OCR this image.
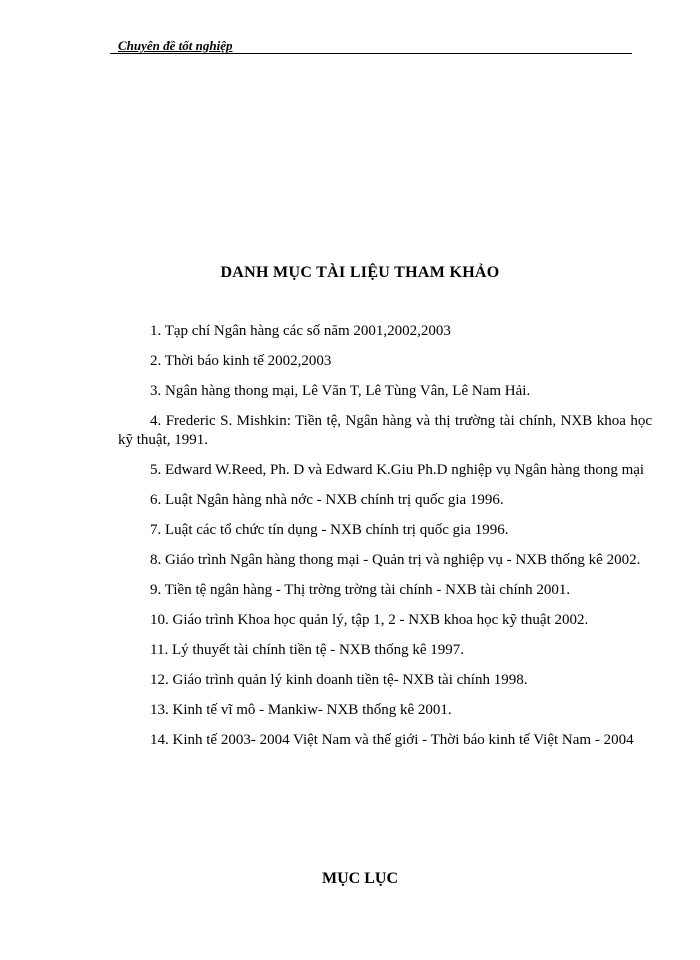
Chuyên đề tốt nghiệp
DANH MỤC TÀI LIỆU THAM KHẢO
1. Tạp chí Ngân hàng các số năm 2001,2002,2003
2. Thời báo kinh tế 2002,2003
3. Ngân hàng thong mại, Lê Văn T, Lê Tùng Vân, Lê Nam Hải.
4. Frederic S. Mishkin: Tiền tệ, Ngân hàng và thị trường tài chính, NXB khoa học kỹ thuật, 1991.
5. Edward W.Reed, Ph. D và Edward K.Giu Ph.D nghiệp vụ Ngân hàng thong mại
6. Luật Ngân hàng nhà nớc - NXB chính trị quốc gia 1996.
7. Luật các tổ chức tín dụng - NXB chính trị quốc gia 1996.
8. Giáo trình Ngân hàng thong mại - Quản trị và nghiệp vụ - NXB thống kê 2002.
9. Tiền tệ ngân hàng - Thị trờng trờng tài chính - NXB tài chính 2001.
10. Giáo trình Khoa học quản lý, tập 1, 2 - NXB khoa học kỹ thuật 2002.
11. Lý thuyết tài chính tiền tệ - NXB thống kê 1997.
12. Giáo trình quản lý kinh doanh tiền tệ- NXB tài chính 1998.
13. Kinh tế vĩ mô - Mankiw- NXB thống kê 2001.
14. Kinh tế 2003- 2004 Việt Nam và thế giới - Thời báo kinh tế Việt Nam - 2004
MỤC LỤC
